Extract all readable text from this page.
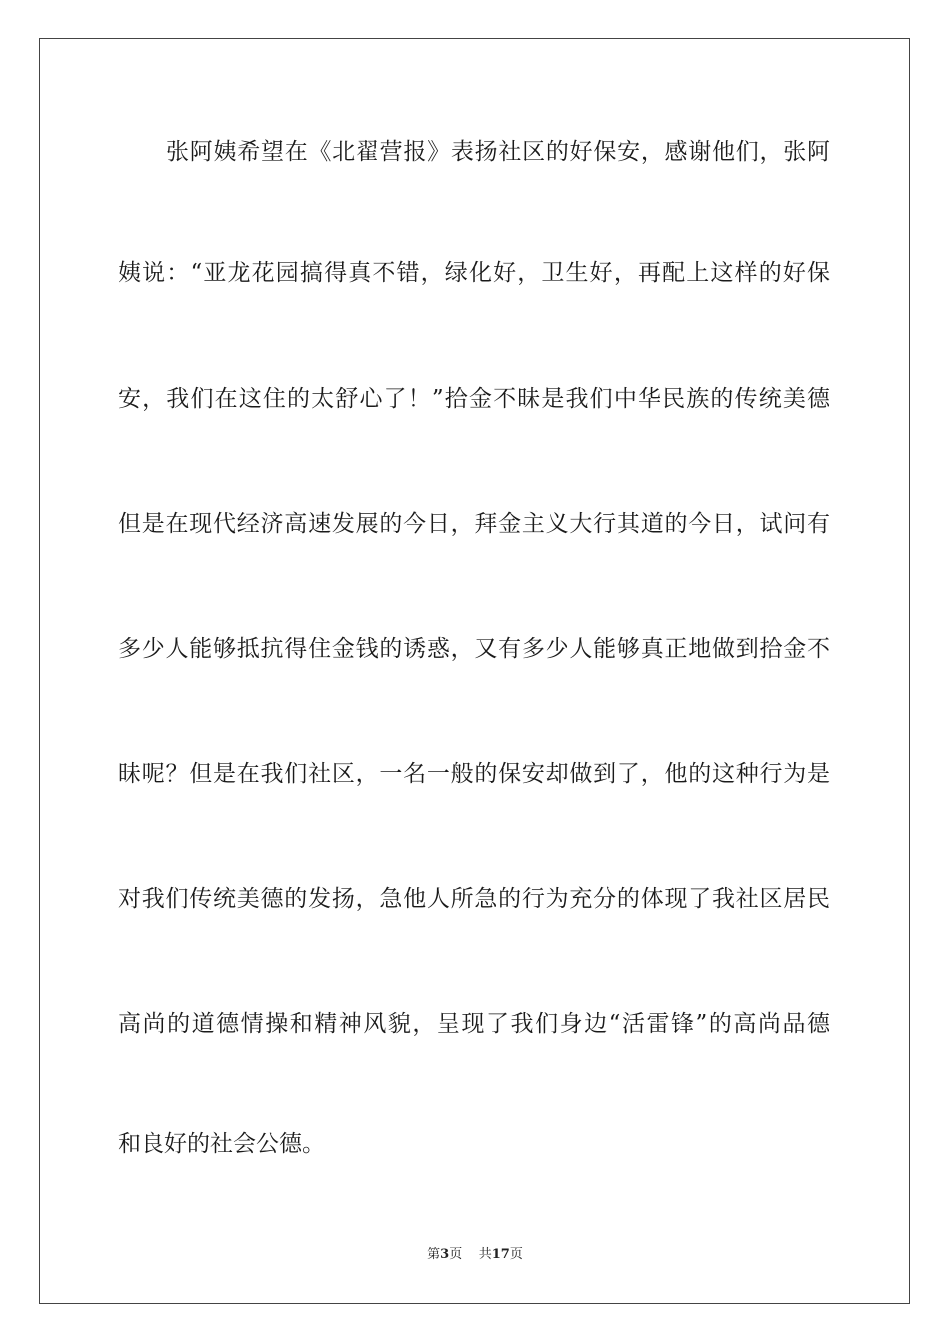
张阿姨希望在《北翟营报》表扬社区的好保安，感谢他们，张阿
姨说：“亚龙花园搞得真不错，绿化好，卫生好，再配上这样的好保
安，我们在这住的太舒心了！”拾金不昧是我们中华民族的传统美德
但是在现代经济高速发展的今日，拜金主义大行其道的今日，试问有
多少人能够抵抗得住金钱的诱惑，又有多少人能够真正地做到拾金不
昧呢？但是在我们社区，一名一般的保安却做到了，他的这种行为是
对我们传统美德的发扬，急他人所急的行为充分的体现了我社区居民
高尚的道德情操和精神风貌，呈现了我们身边“活雷锋”的高尚品德
和良好的社会公德。
第3页 共17页
